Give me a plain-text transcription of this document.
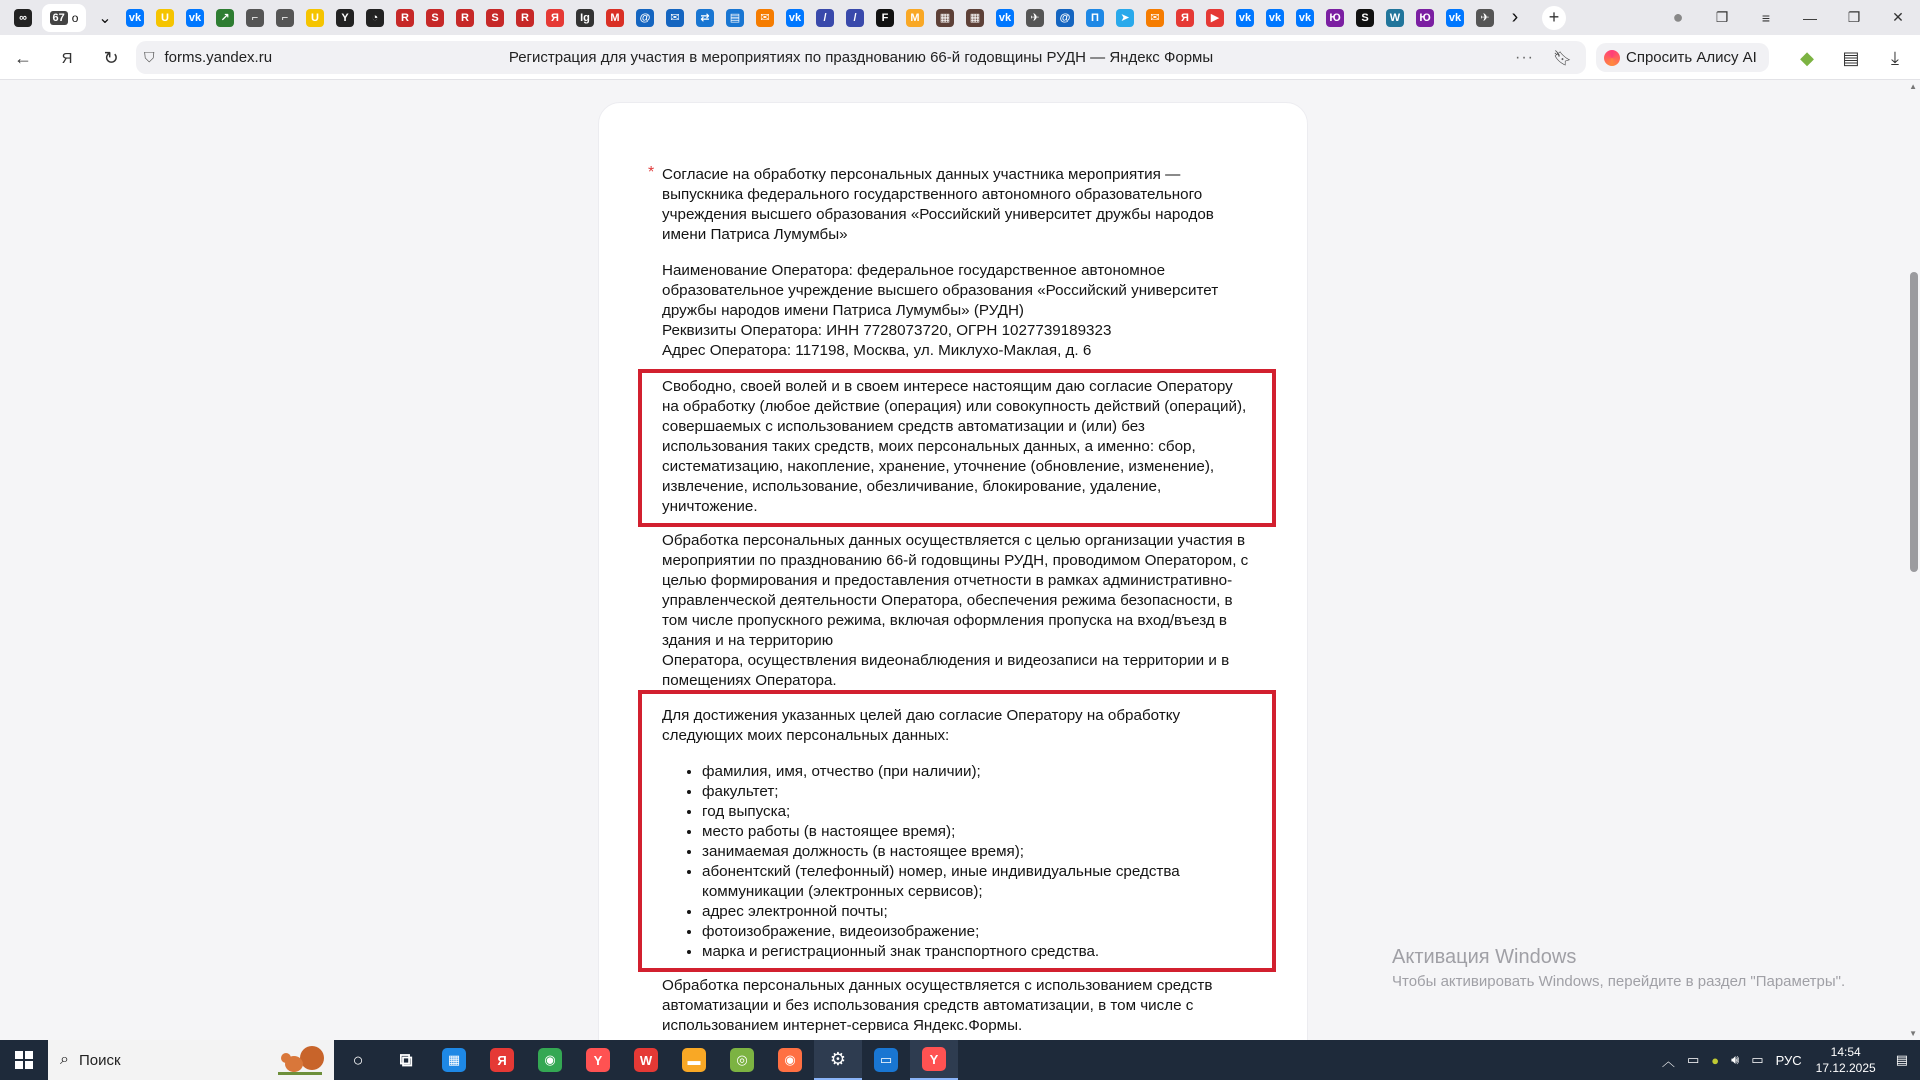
∞	67 o	⌄	vk	U	vk	↗	⌐	⌐	U	Y	◔	R	S	R	S	R	Я	Ig	M	@	✉	⇄	▤	✉	vk	/	/	F	M	▦	▦	vk	✈	@	Π	➤	✉	Я	▶	vk vk vk	Ю	S	W	Ю	vk	✈	›	+	●	❐	≡	—	❐	✕
←	Я	↻	Регистрация для участия в мероприятиях по празднованию 66-й годовщины РУДН — Яндекс Формы
⛉ forms.yandex.ru	··· 🔖︎	Спросить Алису AI	◆	▤	⤓
* Согласие на обработку персональных данных участника мероприятия — выпускника федерального государственного автономного образовательного учреждения высшего образования «Российский университет дружбы народов имени Патриса Лумумбы»

Наименование Оператора: федеральное государственное автономное образовательное учреждение высшего образования «Российский университет дружбы народов имени Патриса Лумумбы» (РУДН)

Реквизиты Оператора: ИНН 7728073720, ОГРН 1027739189323

Адрес Оператора: 117198, Москва, ул. Миклухо-Маклая, д. 6

Свободно, своей волей и в своем интересе настоящим даю согласие Оператору на обработку (любое действие (операция) или совокупность действий (операций), совершаемых с использованием средств автоматизации и (или) без использования таких средств, моих персональных данных, а именно: сбор, систематизацию, накопление, хранение, уточнение (обновление, изменение), извлечение, использование, обезличивание, блокирование, удаление, уничтожение.

Обработка персональных данных осуществляется с целью организации участия в мероприятии по празднованию 66-й годовщины РУДН, проводимом Оператором, с целью формирования и предоставления отчетности в рамках административно-управленческой деятельности Оператора, обеспечения режима безопасности, в том числе пропускного режима, включая оформления пропуска на вход/въезд в здания и на территорию

Оператора, осуществления видеонаблюдения и видеозаписи на территории и в помещениях Оператора.

Для достижения указанных целей даю согласие Оператору на обработку следующих моих персональных данных:

• фамилия, имя, отчество (при наличии);
• факультет;
• год выпуска;
• место работы (в настоящее время);
• занимаемая должность (в настоящее время);
• абонентский (телефонный) номер, иные индивидуальные средства коммуникации (электронных сервисов);
• адрес электронной почты;
• фотоизображение, видеоизображение;
• марка и регистрационный знак транспортного средства.
Обработка персональных данных осуществляется с использованием средств автоматизации и без использования средств автоматизации, в том числе с использованием интернет-сервиса Яндекс.Формы.
Активация Windows
Чтобы активировать Windows, перейдите в раздел "Параметры".
▲
▼
⌕ Поиск	○	⧉	▦	Я	◉	Y	W	▬	◎	◉	⚙	▭	Y	︿ ▭ ● 🔊︎ ▭ РУС
14:54
17.12.2025
▤
